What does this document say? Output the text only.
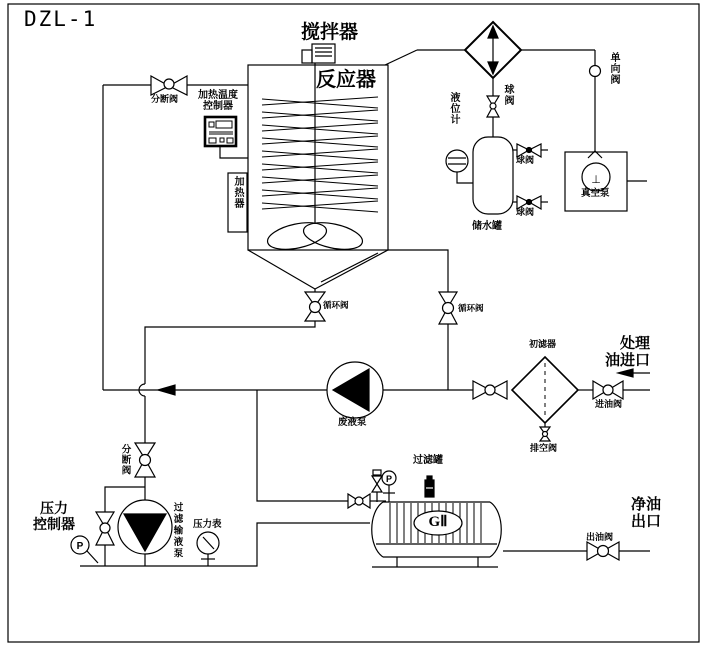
P
P
⊥
DZL-1
分断阀	加热温度
控制器
搅拌器
反应器
加热器
液位计	球阀
储水罐
球阀
球阀
单向阀
真空泵
循环阀	循环阀
废液泵
初滤器	处理
油进口
进油阀
排空阀
分断阀
压力
控制器	过滤输液泵 压力表
过滤罐
GⅡ
净油
出口
出油阀
